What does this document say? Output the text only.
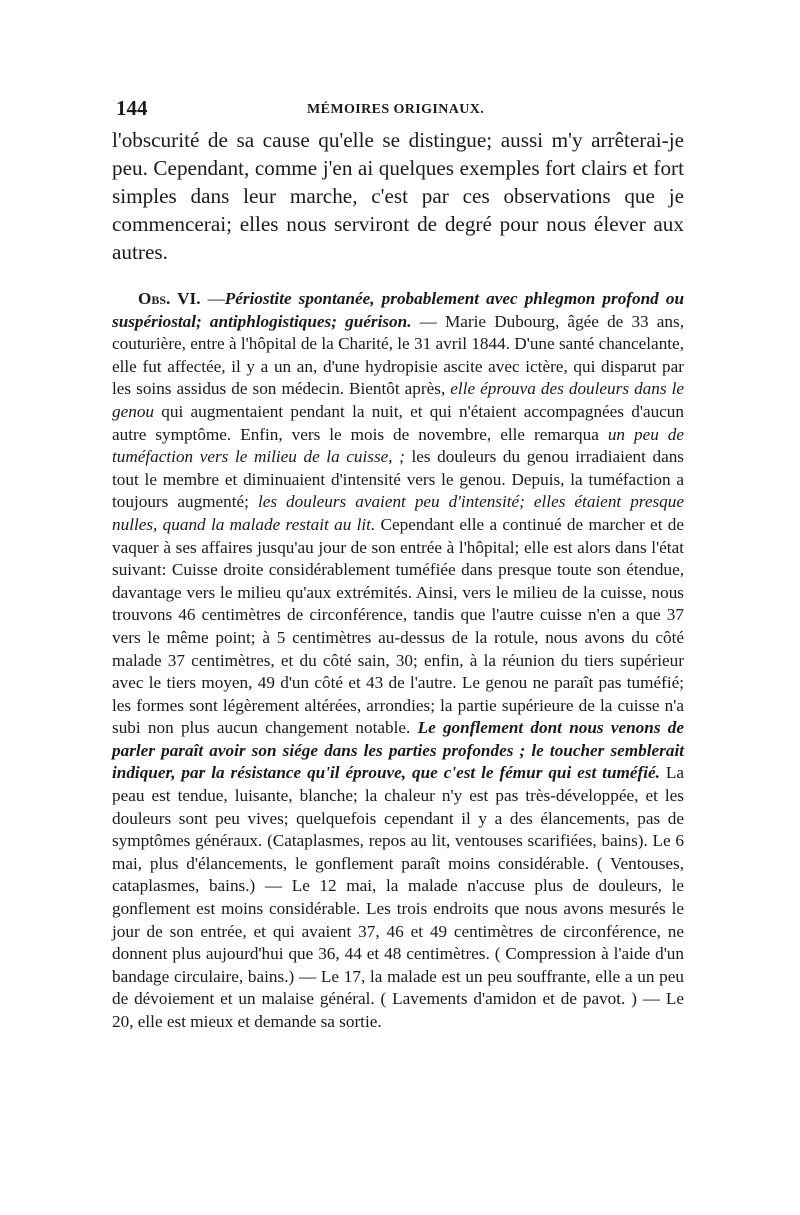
144	MÉMOIRES ORIGINAUX.

l'obscurité de sa cause qu'elle se distingue; aussi m'y arrêterai-je peu. Cependant, comme j'en ai quelques exemples fort clairs et fort simples dans leur marche, c'est par ces observations que je commencerai; elles nous serviront de degré pour nous élever aux autres.

Obs. VI. —Périostite spontanée, probablement avec phlegmon profond ou suspériostal; antiphlogistiques; guérison. — Marie Dubourg, âgée de 33 ans, couturière, entre à l'hôpital de la Charité, le 31 avril 1844. D'une santé chancelante, elle fut affectée, il y a un an, d'une hydropisie ascite avec ictère, qui disparut par les soins assidus de son médecin. Bientôt après, elle éprouva des douleurs dans le genou qui augmentaient pendant la nuit, et qui n'étaient accompagnées d'aucun autre symptôme. Enfin, vers le mois de novembre, elle remarqua un peu de tuméfaction vers le milieu de la cuisse, ; les douleurs du genou irradiaient dans tout le membre et diminuaient d'intensité vers le genou. Depuis, la tuméfaction a toujours augmenté; les douleurs avaient peu d'intensité; elles étaient presque nulles, quand la malade restait au lit. Cependant elle a continué de marcher et de vaquer à ses affaires jusqu'au jour de son entrée à l'hôpital; elle est alors dans l'état suivant: Cuisse droite considérablement tuméfiée dans presque toute son étendue, davantage vers le milieu qu'aux extrémités. Ainsi, vers le milieu de la cuisse, nous trouvons 46 centimètres de circonférence, tandis que l'autre cuisse n'en a que 37 vers le même point; à 5 centimètres au-dessus de la rotule, nous avons du côté malade 37 centimètres, et du côté sain, 30; enfin, à la réunion du tiers supérieur avec le tiers moyen, 49 d'un côté et 43 de l'autre. Le genou ne paraît pas tuméfié; les formes sont légèrement altérées, arrondies; la partie supérieure de la cuisse n'a subi non plus aucun changement notable. Le gonflement dont nous venons de parler paraît avoir son siége dans les parties profondes ; le toucher semblerait indiquer, par la résistance qu'il éprouve, que c'est le fémur qui est tuméfié. La peau est tendue, luisante, blanche; la chaleur n'y est pas très-développée, et les douleurs sont peu vives; quelquefois cependant il y a des élancements, pas de symptômes généraux. (Cataplasmes, repos au lit, ventouses scarifiées, bains). Le 6 mai, plus d'élancements, le gonflement paraît moins considérable. ( Ventouses, cataplasmes, bains.) — Le 12 mai, la malade n'accuse plus de douleurs, le gonflement est moins considérable. Les trois endroits que nous avons mesurés le jour de son entrée, et qui avaient 37, 46 et 49 centimètres de circonférence, ne donnent plus aujourd'hui que 36, 44 et 48 centimètres. ( Compression à l'aide d'un bandage circulaire, bains.) — Le 17, la malade est un peu souffrante, elle a un peu de dévoiement et un malaise général. ( Lavements d'amidon et de pavot. ) — Le 20, elle est mieux et demande sa sortie.
